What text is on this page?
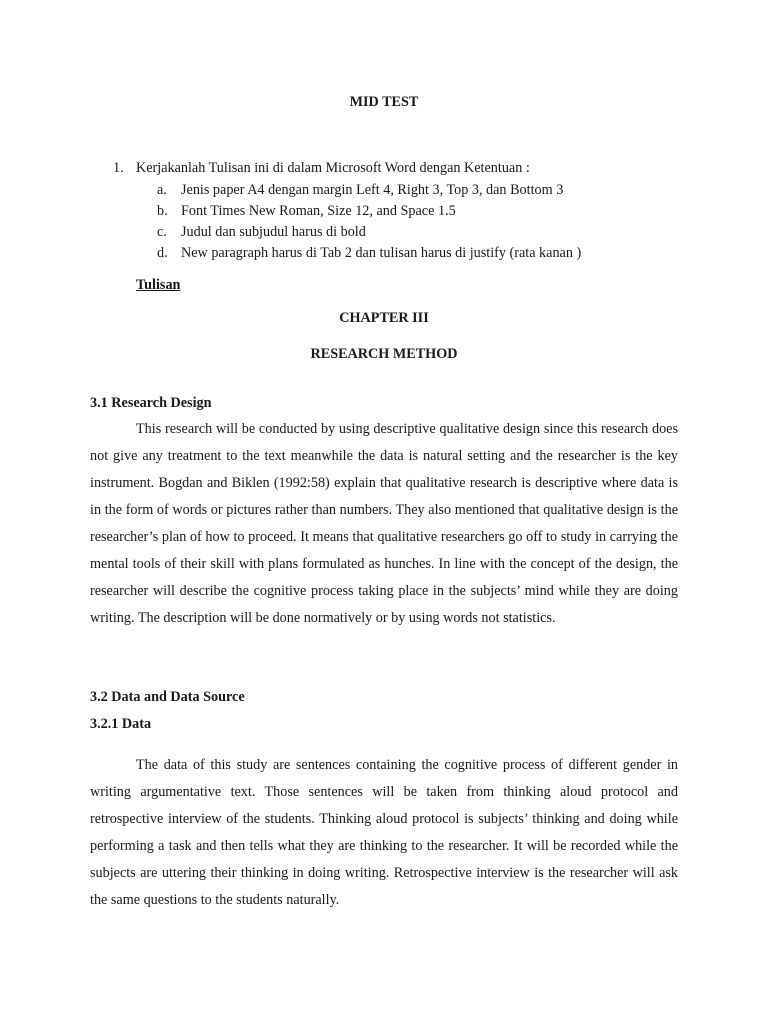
MID TEST
1. Kerjakanlah Tulisan ini di dalam Microsoft Word dengan Ketentuan :
a. Jenis paper A4 dengan margin Left 4, Right 3, Top 3, dan Bottom 3
b. Font Times New Roman, Size 12, and Space 1.5
c. Judul dan subjudul harus di bold
d. New paragraph harus di Tab 2 dan tulisan harus di justify (rata kanan )
Tulisan
CHAPTER III
RESEARCH METHOD
3.1 Research Design

This research will be conducted by using descriptive qualitative design since this research does not give any treatment to the text meanwhile the data is natural setting and the researcher is the key instrument. Bogdan and Biklen (1992:58) explain that qualitative research is descriptive where data is in the form of words or pictures rather than numbers. They also mentioned that qualitative design is the researcher’s plan of how to proceed. It means that qualitative researchers go off to study in carrying the mental tools of their skill with plans formulated as hunches. In line with the concept of the design, the researcher will describe the cognitive process taking place in the subjects’ mind while they are doing writing. The description will be done normatively or by using words not statistics.

3.2 Data and Data Source
3.2.1 Data

The data of this study are sentences containing the cognitive process of different gender in writing argumentative text. Those sentences will be taken from thinking aloud protocol and retrospective interview of the students. Thinking aloud protocol is subjects’ thinking and doing while performing a task and then tells what they are thinking to the researcher. It will be recorded while the subjects are uttering their thinking in doing writing. Retrospective interview is the researcher will ask the same questions to the students naturally.
